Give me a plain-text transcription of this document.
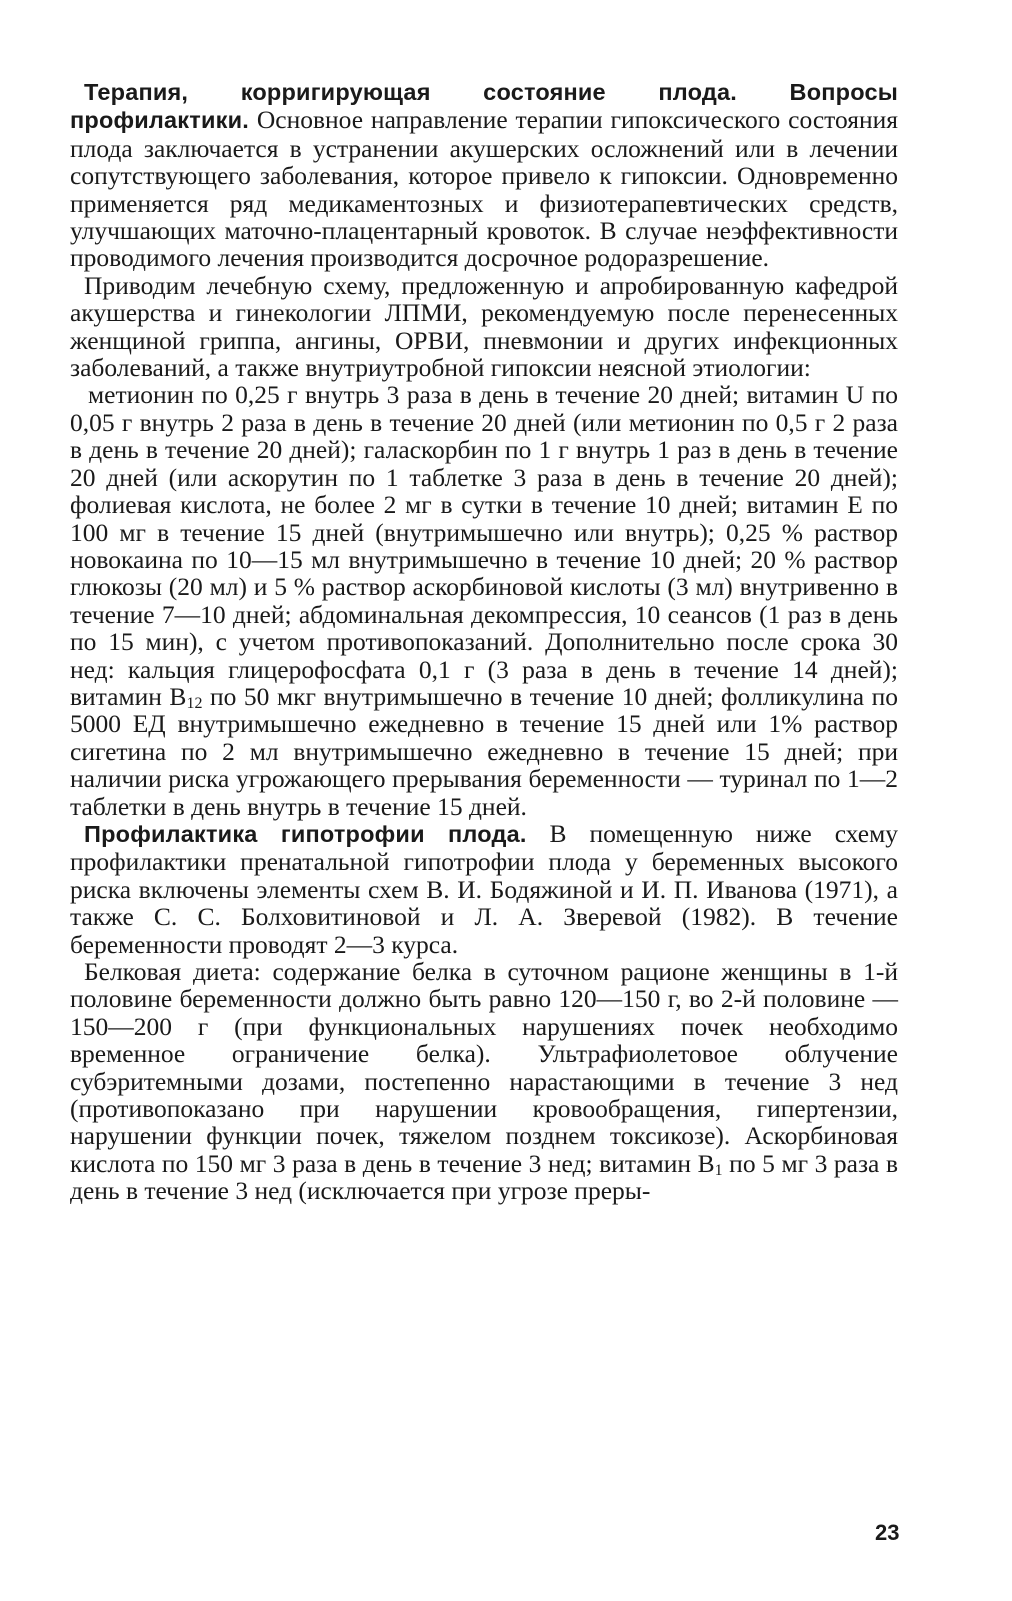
Терапия, корригирующая состояние плода. Вопросы профилактики. Основное направление терапии гипоксического состояния плода заключается в устранении акушерских осложнений или в лечении сопутствующего заболевания, которое привело к гипоксии. Одновременно применяется ряд медикаментозных и физиотерапевтических средств, улучшающих маточно-плацентарный кровоток. В случае неэффективности проводимого лечения производится досрочное родоразрешение.

Приводим лечебную схему, предложенную и апробированную кафедрой акушерства и гинекологии ЛПМИ, рекомендуемую после перенесенных женщиной гриппа, ангины, ОРВИ, пневмонии и других инфекционных заболеваний, а также внутриутробной гипоксии неясной этиологии:

метионин по 0,25 г внутрь 3 раза в день в течение 20 дней; витамин U по 0,05 г внутрь 2 раза в день в течение 20 дней (или метионин по 0,5 г 2 раза в день в течение 20 дней); галаскорбин по 1 г внутрь 1 раз в день в течение 20 дней (или аскорутин по 1 таблетке 3 раза в день в течение 20 дней); фолиевая кислота, не более 2 мг в сутки в течение 10 дней; витамин Е по 100 мг в течение 15 дней (внутримышечно или внутрь); 0,25 % раствор новокаина по 10—15 мл внутримышечно в течение 10 дней; 20 % раствор глюкозы (20 мл) и 5 % раствор аскорбиновой кислоты (3 мл) внутривенно в течение 7—10 дней; абдоминальная декомпрессия, 10 сеансов (1 раз в день по 15 мин), с учетом противопоказаний. Дополнительно после срока 30 нед: кальция глицерофосфата 0,1 г (3 раза в день в течение 14 дней); витамин $B_{12}$ по 50 мкг внутримышечно в течение 10 дней; фолликулина по 5000 ЕД внутримышечно ежедневно в течение 15 дней или 1% раствор сигетина по 2 мл внутримышечно ежедневно в течение 15 дней; при наличии риска угрожающего прерывания беременности — туринал по 1—2 таблетки в день внутрь в течение 15 дней.

Профилактика гипотрофии плода. В помещенную ниже схему профилактики пренатальной гипотрофии плода у беременных высокого риска включены элементы схем В. И. Бодяжиной и И. П. Иванова (1971), а также С. С. Болховитиновой и Л. А. Зверевой (1982). В течение беременности проводят 2—3 курса.

Белковая диета: содержание белка в суточном рационе женщины в 1-й половине беременности должно быть равно 120—150 г, во 2-й половине — 150—200 г (при функциональных нарушениях почек необходимо временное ограничение белка). Ультрафиолетовое облучение субэритемными дозами, постепенно нарастающими в течение 3 нед (противопоказано при нарушении кровообращения, гипертензии, нарушении функции почек, тяжелом позднем токсикозе). Аскорбиновая кислота по 150 мг 3 раза в день в течение 3 нед; витамин $B_1$ по 5 мг 3 раза в день в течение 3 нед (исключается при угрозе преры-

23
